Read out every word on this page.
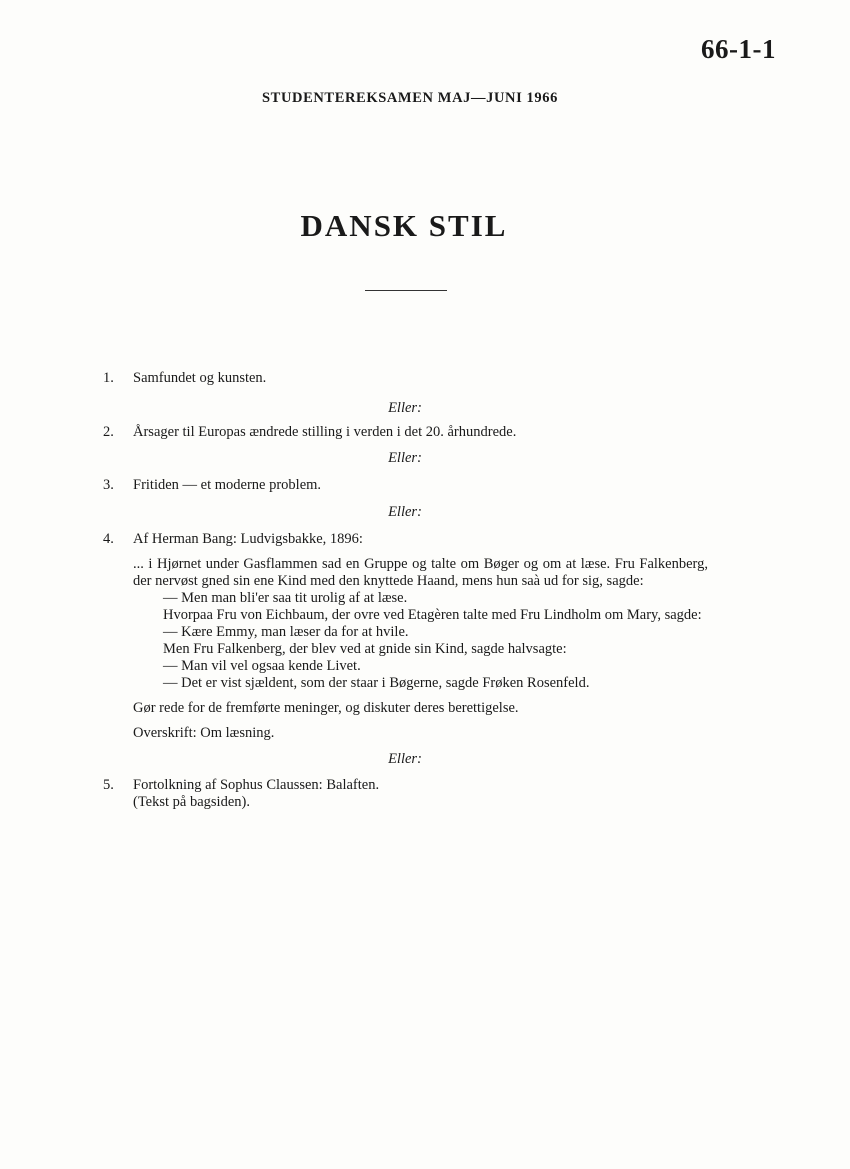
66-1-1
STUDENTEREKSAMEN MAJ—JUNI 1966
DANSK STIL
1. Samfundet og kunsten.
Eller:
2. Årsager til Europas ændrede stilling i verden i det 20. århundrede.
Eller:
3. Fritiden — et moderne problem.
Eller:
4. Af Herman Bang: Ludvigsbakke, 1896:
... i Hjørnet under Gasflammen sad en Gruppe og talte om Bøger og om at læse. Fru Falkenberg, der nervøst gned sin ene Kind med den knyttede Haand, mens hun saà ud for sig, sagde:
— Men man bli'er saa tit urolig af at læse.
Hvorpaa Fru von Eichbaum, der ovre ved Etagèren talte med Fru Lindholm om Mary, sagde:
— Kære Emmy, man læser da for at hvile.
Men Fru Falkenberg, der blev ved at gnide sin Kind, sagde halvsagte:
— Man vil vel ogsaa kende Livet.
— Det er vist sjældent, som der staar i Bøgerne, sagde Frøken Rosenfeld.
Gør rede for de fremførte meninger, og diskuter deres berettigelse.
Overskrift: Om læsning.
Eller:
5. Fortolkning af Sophus Claussen: Balaften.
(Tekst på bagsiden).
